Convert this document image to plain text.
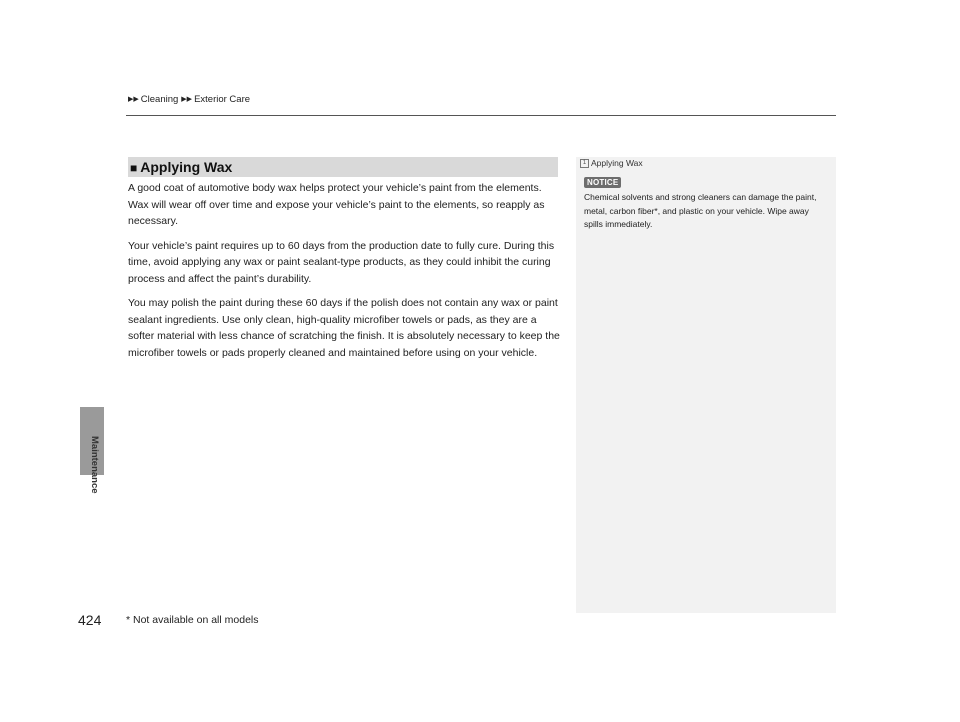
▶▶ Cleaning ▶▶ Exterior Care
Maintenance
■ Applying Wax

A good coat of automotive body wax helps protect your vehicle’s paint from the elements. Wax will wear off over time and expose your vehicle’s paint to the elements, so reapply as necessary.

Your vehicle’s paint requires up to 60 days from the production date to fully cure. During this time, avoid applying any wax or paint sealant-type products, as they could inhibit the curing process and affect the paint’s durability.

You may polish the paint during these 60 days if the polish does not contain any wax or paint sealant ingredients. Use only clean, high-quality microfiber towels or pads, as they are a softer material with less chance of scratching the finish. It is absolutely necessary to keep the microfiber towels or pads properly cleaned and maintained before using on your vehicle.

1 Applying Wax
NOTICE
Chemical solvents and strong cleaners can damage the paint, metal, carbon fiber*, and plastic on your vehicle. Wipe away spills immediately.
424 * Not available on all models
